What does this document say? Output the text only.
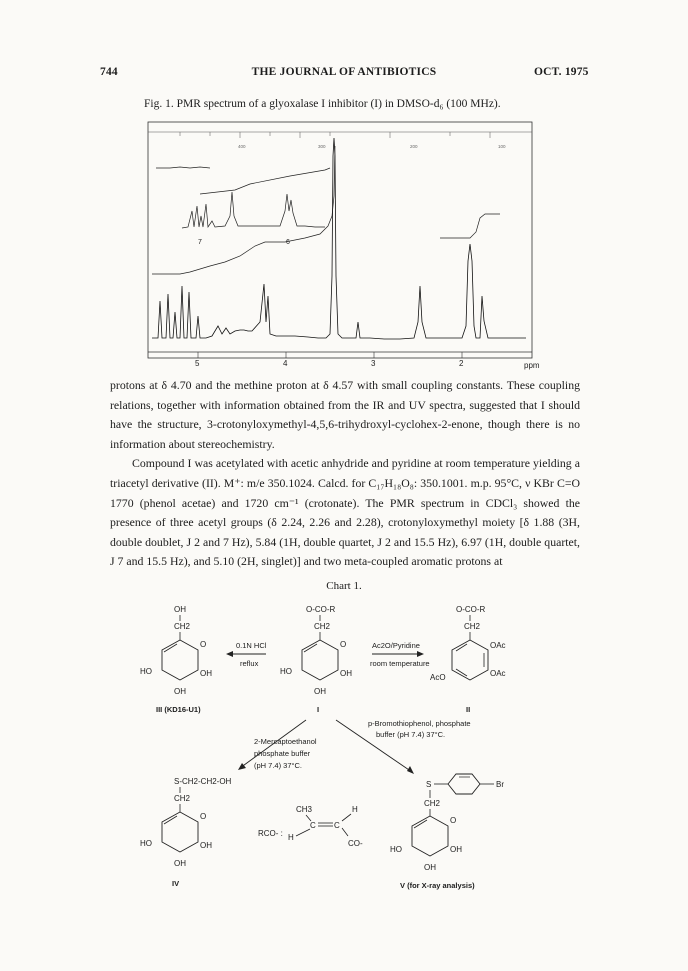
744	THE JOURNAL OF ANTIBIOTICS	OCT. 1975
Fig. 1. PMR spectrum of a glyoxalase I inhibitor (I) in DMSO-d₆ (100 MHz).
400	300	200	100
7	6
5	4	3	2	ppm

protons at δ 4.70 and the methine proton at δ 4.57 with small coupling constants. These coupling relations, together with information obtained from the IR and UV spectra, suggested that I should have the structure, 3-crotonyloxymethyl-4,5,6-trihydroxyl-cyclohex-2-enone, though there is no information about stereochemistry.

Compound I was acetylated with acetic anhydride and pyridine at room temperature yielding a triacetyl derivative (II). M⁺: m/e 350.1024. Calcd. for C₁₇H₁₈O₈: 350.1001. m.p. 95°C, ν KBr C=O 1770 (phenol acetae) and 1720 cm⁻¹ (crotonate). The PMR spectrum in CDCl₃ showed the presence of three acetyl groups (δ 2.24, 2.26 and 2.28), crotonyloxymethyl moiety [δ 1.88 (3H, double doublet, J 2 and 7 Hz), 5.84 (1H, double quartet, J 2 and 15.5 Hz), 6.97 (1H, double quartet, J 7 and 15.5 Hz), and 5.10 (2H, singlet)] and two meta-coupled aromatic protons at

Chart 1.
OH
CH2
O
HO	OH
OH
III (KD16-U1)
0.1N HCl
reflux
O-CO-R
CH2
O
HO	OH
OH
I
Ac2O/Pyridine
room temperature
O-CO-R
CH2
OAc
OAc
AcO
II
2-Mercaptoethanol
phosphate buffer
(pH 7.4) 37°C.
p-Bromothiophenol, phosphate
buffer (pH 7.4) 37°C.
S-CH2-CH2-OH
CH2
O
HO	OH
OH
IV
RCO- :
CH3	H
H
C C
CO-
S	Br
CH2
O
HO	OH
OH
V (for X-ray analysis)
